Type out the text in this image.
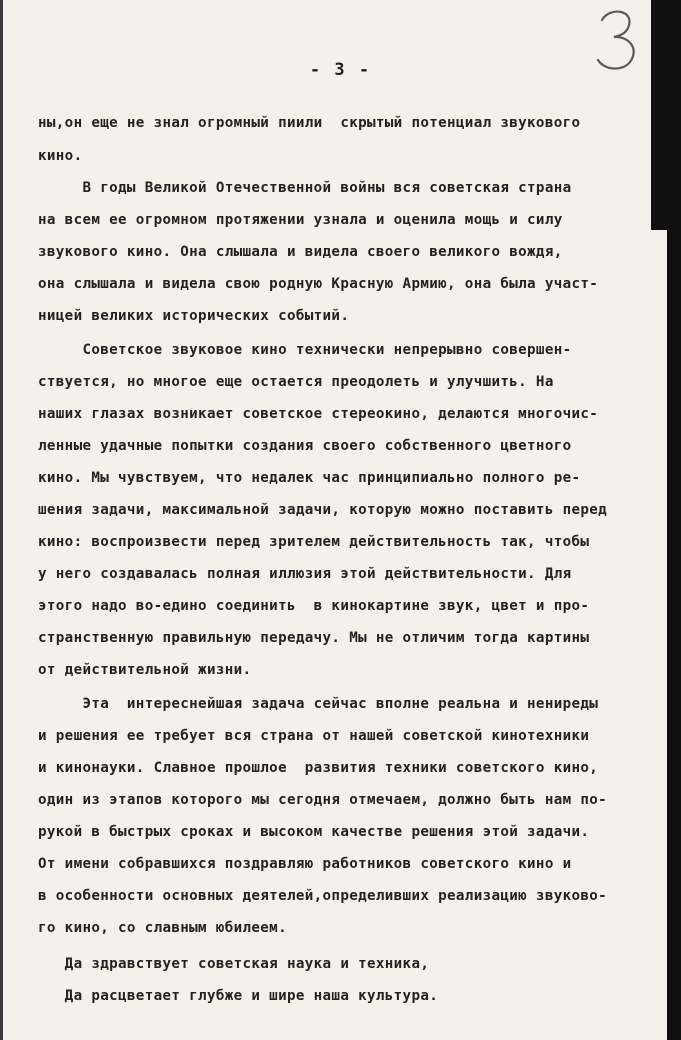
- 3 -
ны,он еще не знал огромный пиили  скрытый потенциал звукового
кино.
В годы Великой Отечественной войны вся советская страна
на всем ее огромном протяжении узнала и оценила мощь и силу
звукового кино. Она слышала и видела своего великого вождя,
она слышала и видела свою родную Красную Армию, она была участ-
ницей великих исторических событий.
Советское звуковое кино технически непрерывно совершен-
ствуется, но многое еще остается преодолеть и улучшить. На
наших глазах возникает советское стереокино, делаются многочис-
ленные удачные попытки создания своего собственного цветного
кино. Мы чувствуем, что недалек час принципиально полного ре-
шения задачи, максимальной задачи, которую можно поставить перед
кино: воспроизвести перед зрителем действительность так, чтобы
у него создавалась полная иллюзия этой действительности. Для
этого надо во-едино соединить  в кинокартине звук, цвет и про-
странственную правильную передачу. Мы не отличим тогда картины
от действительной жизни.
Эта  интереснейшая задача сейчас вполне реальна и нениреды
и решения ее требует вся страна от нашей советской кинотехники
и кинонауки. Славное прошлое  развития техники советского кино,
один из этапов которого мы сегодня отмечаем, должно быть нам по-
рукой в быстрых сроках и высоком качестве решения этой задачи.
От имени собравшихся поздравляю работников советского кино и
в особенности основных деятелей,определивших реализацию звуково-
го кино, со славным юбилеем.
Да здравствует советская наука и техника,
Да расцветает глубже и шире наша культура.
